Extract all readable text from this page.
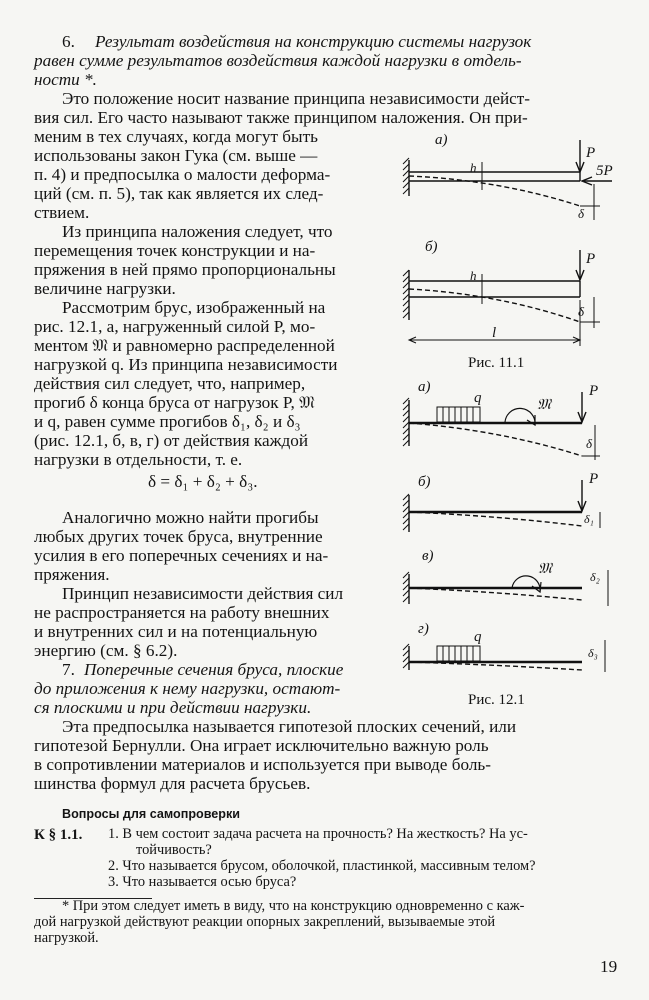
6. Результат воздействия на конструкцию системы нагрузок
равен сумме результатов воздействия каждой нагрузки в отдель-
ности *.
Это положение носит название принципа независимости дейст-
вия сил. Его часто называют также принципом наложения. Он при-
меним в тех случаях, когда могут быть
использованы закон Гука (см. выше —
п. 4) и предпосылка о малости деформа-
ций (см. п. 5), так как является их след-
ствием.
Из принципа наложения следует, что
перемещения точек конструкции и на-
пряжения в ней прямо пропорциональны
величине нагрузки.
Рассмотрим брус, изображенный на
рис. 12.1, а, нагруженный силой P, мо-
ментом 𝔐 и равномерно распределенной
нагрузкой q. Из принципа независимости
действия сил следует, что, например,
прогиб δ конца бруса от нагрузок P, 𝔐
и q, равен сумме прогибов δ₁, δ₂ и δ₃
(рис. 12.1, б, в, г) от действия каждой
нагрузки в отдельности, т. е.
δ = δ₁ + δ₂ + δ₃.
Аналогично можно найти прогибы
любых других точек бруса, внутренние
усилия в его поперечных сечениях и на-
пряжения.
Принцип независимости действия сил
не распространяется на работу внешних
и внутренних сил и на потенциальную
энергию (см. § 6.2).
7. Поперечные сечения бруса, плоские
до приложения к нему нагрузки, остают-
ся плоскими и при действии нагрузки.
Эта предпосылка называется гипотезой плоских сечений, или
гипотезой Бернулли. Она играет исключительно важную роль
в сопротивлении материалов и используется при выводе боль-
шинства формул для расчета брусьев.
Вопросы для самопроверки
К § 1.1. 1. В чем состоит задача расчета на прочность? На жесткость? На ус-
тойчивость?
2. Что называется брусом, оболочкой, пластинкой, массивным телом?
3. Что называется осью бруса?
* При этом следует иметь в виду, что на конструкцию одновременно с каж-
дой нагрузкой действуют реакции опорных закреплений, вызываемые этой
нагрузкой.
19
а)
P
5P
h
δ
б)
P
h
δ
l
Рис. 11.1
а)
q	𝔐
P
δ
б)	P
δ₁
в)
𝔐	δ₂
г)	q
δ₃
Рис. 12.1
